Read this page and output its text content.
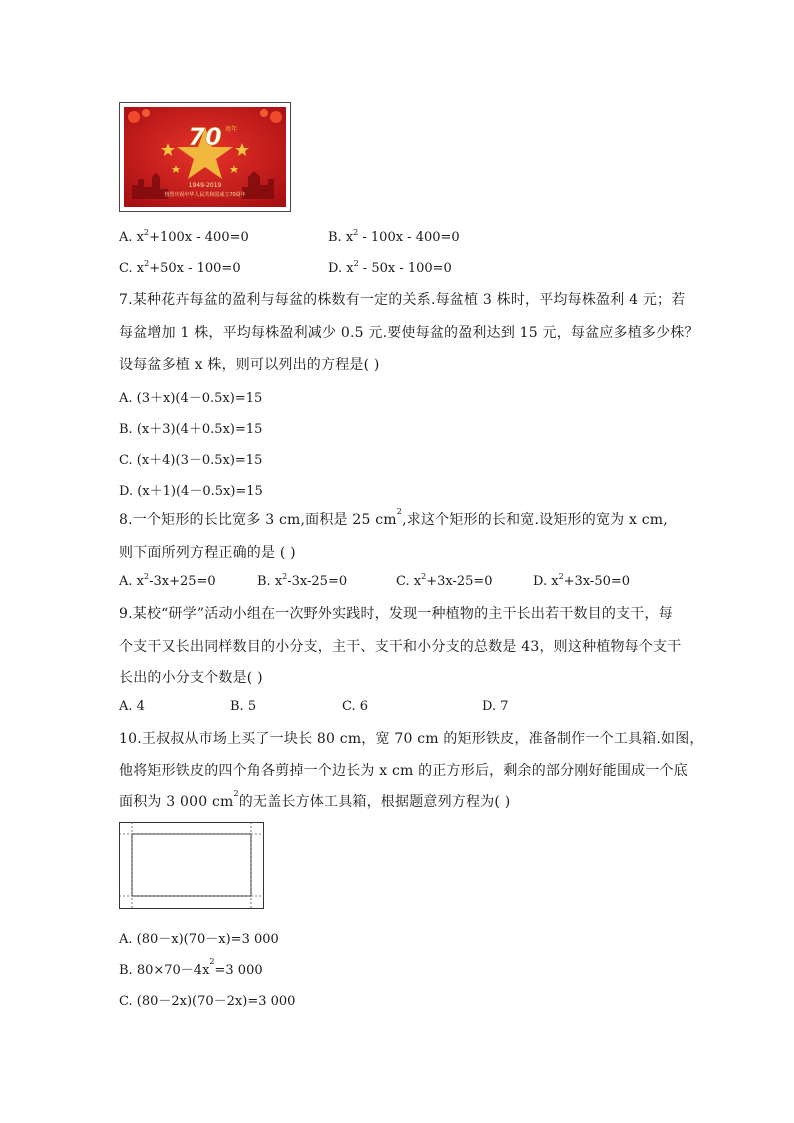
70 周年
1949-2019
热烈庆祝中华人民共和国成立70周年
A. $x^2+100x - 400=0$	B. $x^2 - 100x - 400=0$
C. $x^2+50x - 100=0$	D. $x^2 - 50x - 100=0$
7.某种花卉每盆的盈利与每盆的株数有一定的关系.每盆植 3 株时，平均每株盈利 4 元；若
每盆增加 1 株，平均每株盈利减少 0.5 元.要使每盆的盈利达到 15 元，每盆应多植多少株？
设每盆多植 x 株，则可以列出的方程是( )
A. (3＋x)(4－0.5x)=15
B. (x＋3)(4＋0.5x)=15
C. (x＋4)(3－0.5x)=15
D. (x＋1)(4－0.5x)=15
8.一个矩形的长比宽多 3 cm,面积是 25 $cm^2$,求这个矩形的长和宽.设矩形的宽为 x cm,
则下面所列方程正确的是 ( )
A. $x^2-3x+25=0$	B. $x^2-3x-25=0$	C. $x^2+3x-25=0$	D. $x^2+3x-50=0$
9.某校“研学”活动小组在一次野外实践时，发现一种植物的主干长出若干数目的支干，每
个支干又长出同样数目的小分支，主干、支干和小分支的总数是 43，则这种植物每个支干
长出的小分支个数是( )
A. 4	B. 5	C. 6	D. 7
10.王叔叔从市场上买了一块长 80 cm，宽 70 cm 的矩形铁皮，准备制作一个工具箱.如图，
他将矩形铁皮的四个角各剪掉一个边长为 x cm 的正方形后，剩余的部分刚好能围成一个底
面积为 3 000 $cm^2$的无盖长方体工具箱，根据题意列方程为( )
A. (80－x)(70－x)=3 000
B. $80\times 70-4x^2=3$ 000
C. (80－2x)(70－2x)=3 000
